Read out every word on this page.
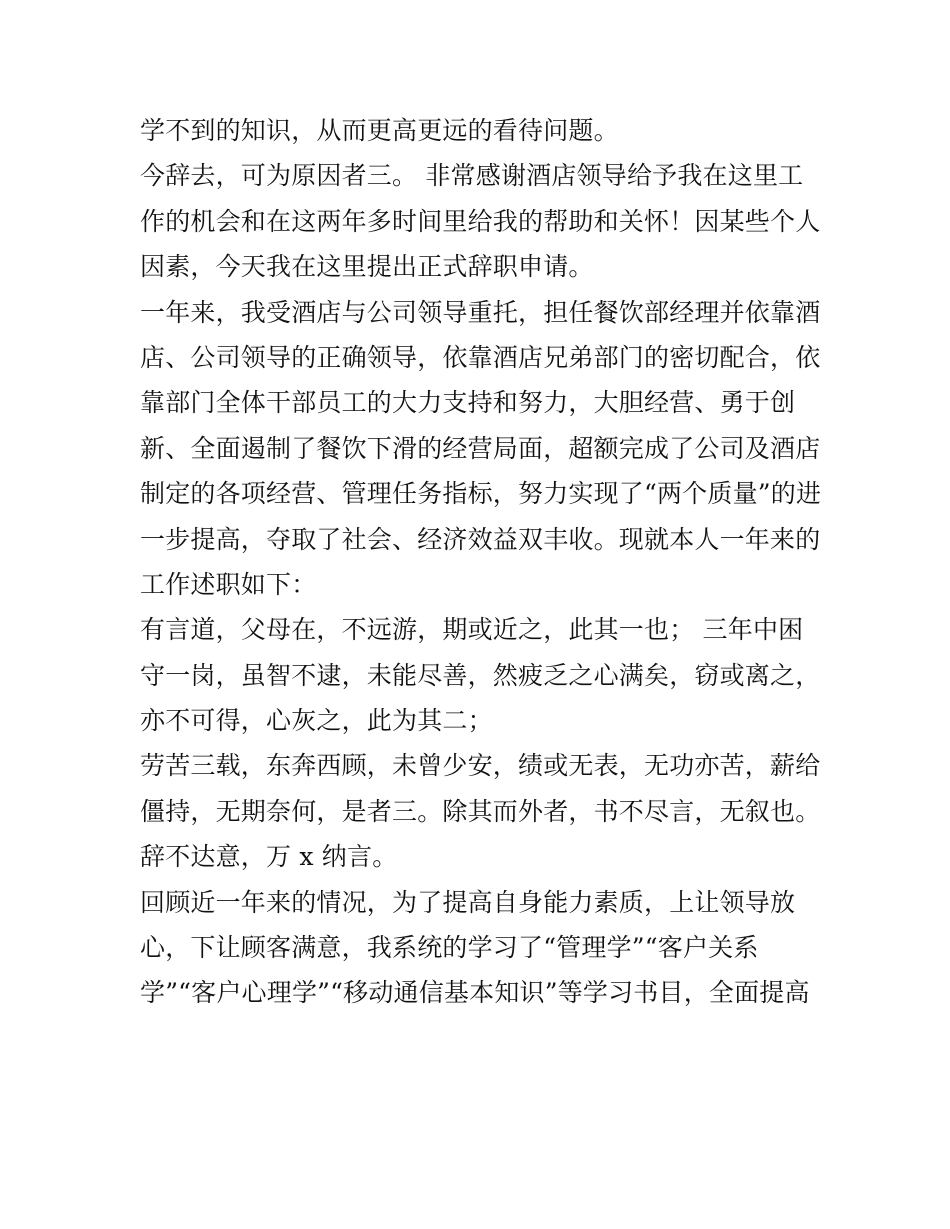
学不到的知识，从而更高更远的看待问题。
今辞去，可为原因者三。 非常感谢酒店领导给予我在这里工
作的机会和在这两年多时间里给我的帮助和关怀！因某些个人
因素，今天我在这里提出正式辞职申请。
一年来，我受酒店与公司领导重托，担任餐饮部经理并依靠酒
店、公司领导的正确领导，依靠酒店兄弟部门的密切配合，依
靠部门全体干部员工的大力支持和努力，大胆经营、勇于创
新、全面遏制了餐饮下滑的经营局面，超额完成了公司及酒店
制定的各项经营、管理任务指标，努力实现了“两个质量”的进
一步提高，夺取了社会、经济效益双丰收。现就本人一年来的
工作述职如下：
有言道，父母在，不远游，期或近之，此其一也； 三年中困
守一岗，虽智不逮，未能尽善，然疲乏之心满矣，窃或离之，
亦不可得，心灰之，此为其二；
劳苦三载，东奔西顾，未曾少安，绩或无表，无功亦苦，薪给
僵持，无期奈何，是者三。除其而外者，书不尽言，无叙也。
辞不达意，万 x 纳言。
回顾近一年来的情况，为了提高自身能力素质，上让领导放
心，下让顾客满意，我系统的学习了“管理学”“客户关系
学”“客户心理学”“移动通信基本知识”等学习书目，全面提高
